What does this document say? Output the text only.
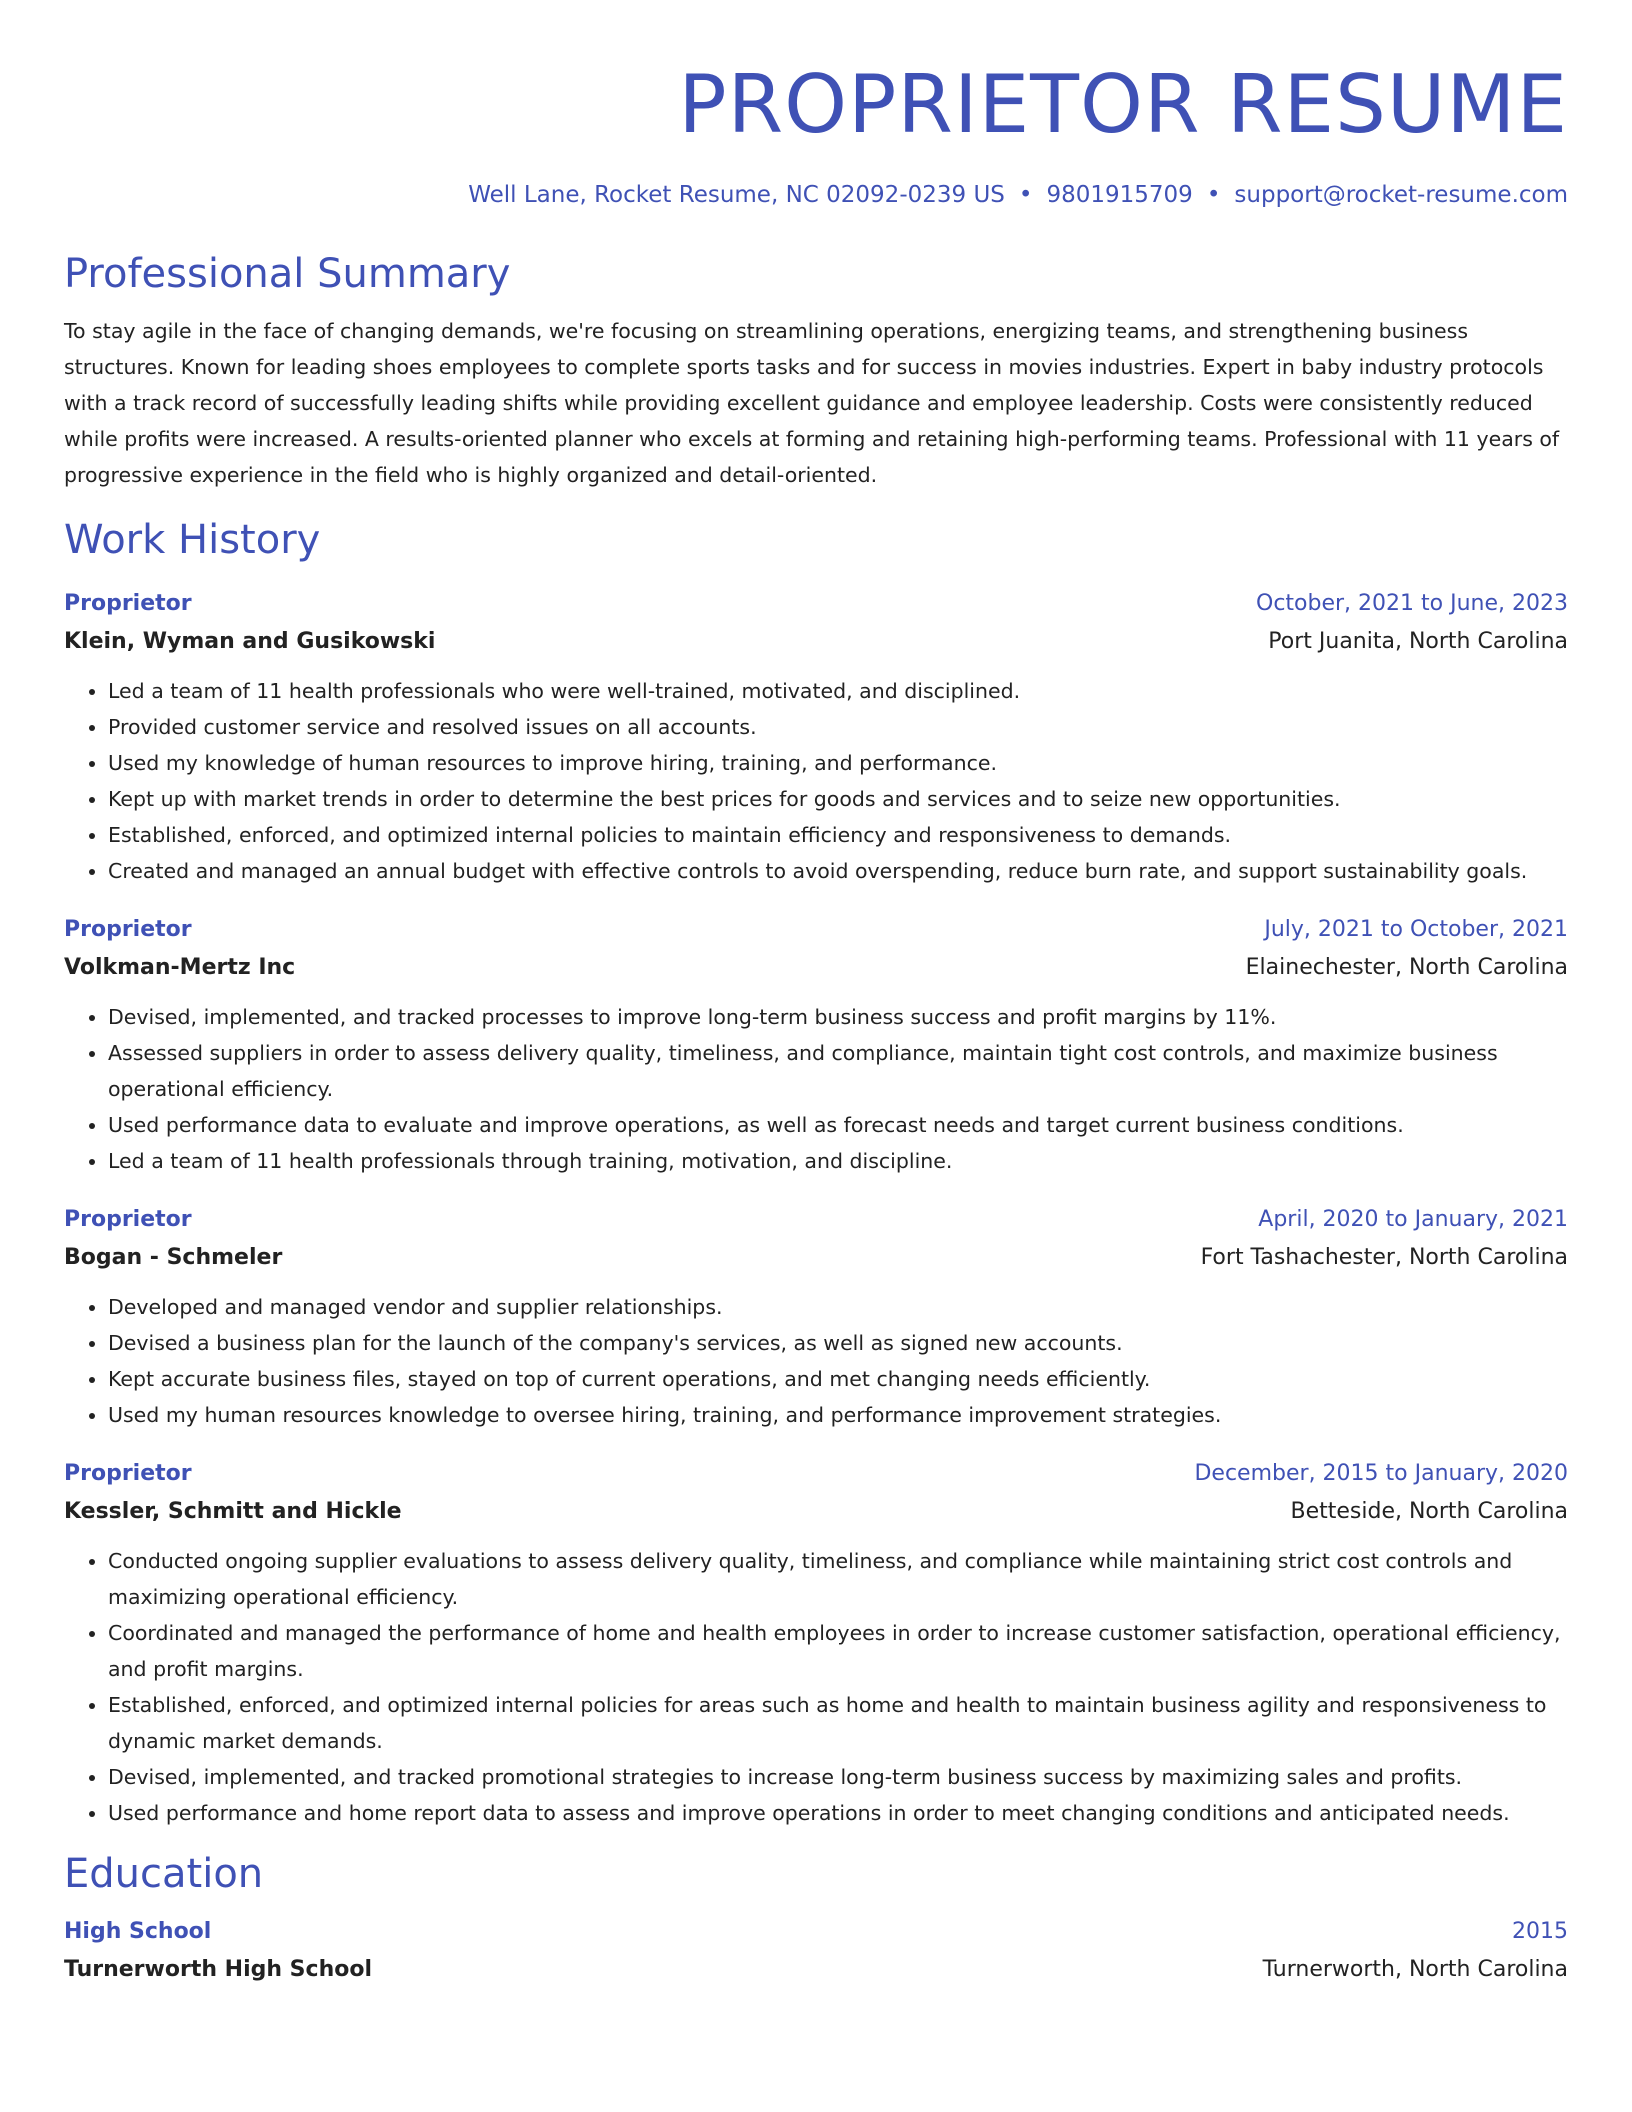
PROPRIETOR RESUME
Well Lane, Rocket Resume, NC 02092-0239 US • 9801915709 • support@rocket-resume.com
Professional Summary
To stay agile in the face of changing demands, we're focusing on streamlining operations, energizing teams, and strengthening business structures. Known for leading shoes employees to complete sports tasks and for success in movies industries. Expert in baby industry protocols with a track record of successfully leading shifts while providing excellent guidance and employee leadership. Costs were consistently reduced while profits were increased. A results-oriented planner who excels at forming and retaining high-performing teams. Professional with 11 years of progressive experience in the field who is highly organized and detail-oriented.
Work History
Proprietor	October, 2021 to June, 2023
Klein, Wyman and Gusikowski	Port Juanita, North Carolina
• Led a team of 11 health professionals who were well-trained, motivated, and disciplined.
• Provided customer service and resolved issues on all accounts.
• Used my knowledge of human resources to improve hiring, training, and performance.
• Kept up with market trends in order to determine the best prices for goods and services and to seize new opportunities.
• Established, enforced, and optimized internal policies to maintain efficiency and responsiveness to demands.
• Created and managed an annual budget with effective controls to avoid overspending, reduce burn rate, and support sustainability goals.
Proprietor	July, 2021 to October, 2021
Volkman-Mertz Inc	Elainechester, North Carolina
• Devised, implemented, and tracked processes to improve long-term business success and profit margins by 11%.
• Assessed suppliers in order to assess delivery quality, timeliness, and compliance, maintain tight cost controls, and maximize business operational efficiency.
• Used performance data to evaluate and improve operations, as well as forecast needs and target current business conditions.
• Led a team of 11 health professionals through training, motivation, and discipline.
Proprietor	April, 2020 to January, 2021
Bogan - Schmeler	Fort Tashachester, North Carolina
• Developed and managed vendor and supplier relationships.
• Devised a business plan for the launch of the company's services, as well as signed new accounts.
• Kept accurate business files, stayed on top of current operations, and met changing needs efficiently.
• Used my human resources knowledge to oversee hiring, training, and performance improvement strategies.
Proprietor	December, 2015 to January, 2020
Kessler, Schmitt and Hickle	Betteside, North Carolina
• Conducted ongoing supplier evaluations to assess delivery quality, timeliness, and compliance while maintaining strict cost controls and maximizing operational efficiency.
• Coordinated and managed the performance of home and health employees in order to increase customer satisfaction, operational efficiency, and profit margins.
• Established, enforced, and optimized internal policies for areas such as home and health to maintain business agility and responsiveness to dynamic market demands.
• Devised, implemented, and tracked promotional strategies to increase long-term business success by maximizing sales and profits.
• Used performance and home report data to assess and improve operations in order to meet changing conditions and anticipated needs.
Education
High School	2015
Turnerworth High School	Turnerworth, North Carolina
